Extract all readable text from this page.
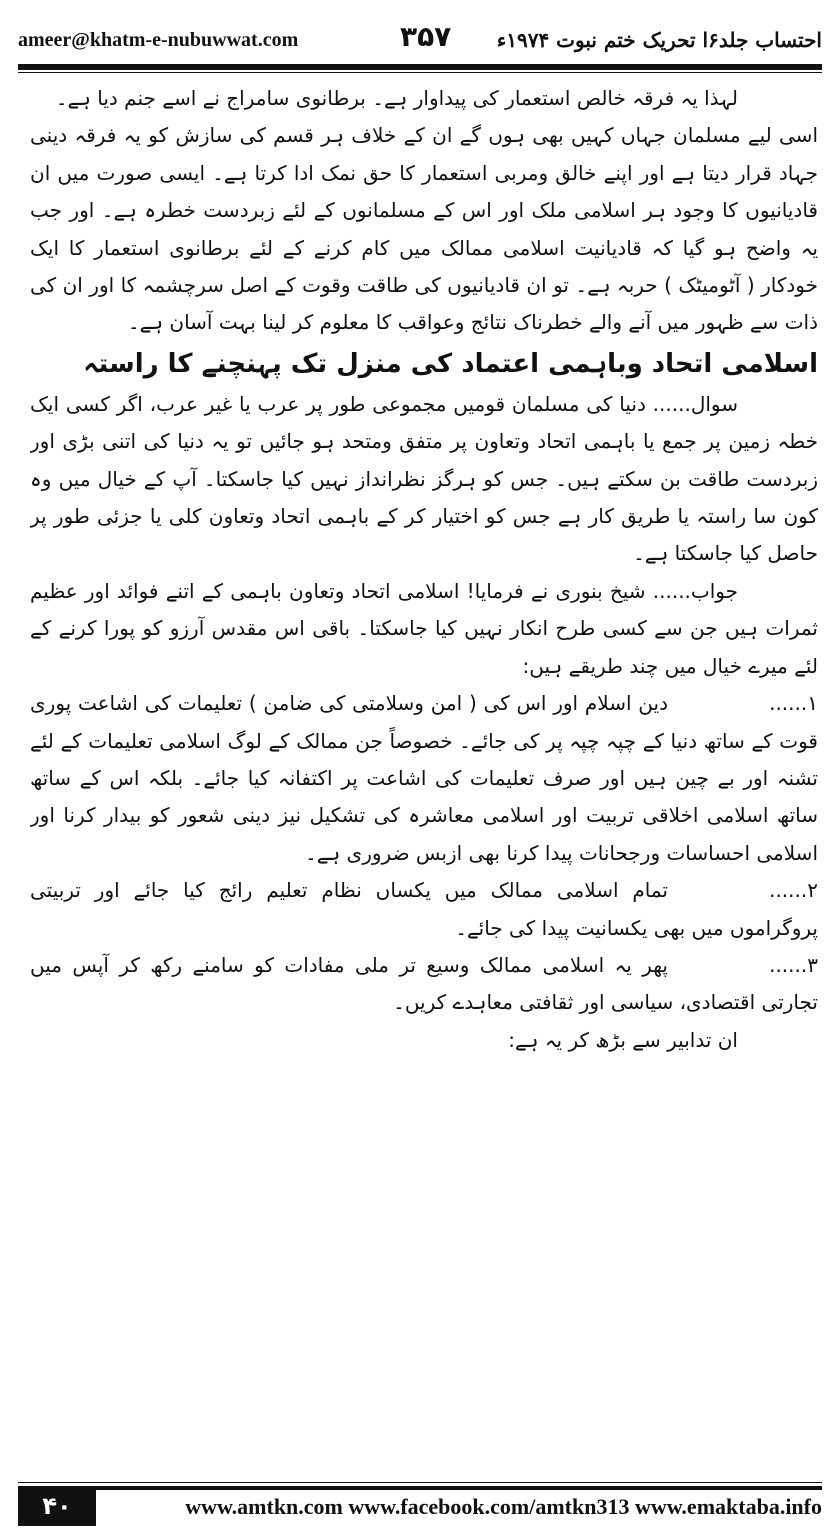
ameer@khatm-e-nubuwwat.com	۳۵۷ احتساب جلد۶ا تحریک ختم نبوت ۱۹۷۴ء

لہذا یہ فرقہ خالص استعمار کی پیداوار ہے۔ برطانوی سامراج نے اسے جنم دیا ہے۔

اسی لیے مسلمان جہاں کہیں بھی ہوں گے ان کے خلاف ہر قسم کی سازش کو یہ فرقہ دینی جہاد قرار دیتا ہے اور اپنے خالق ومربی استعمار کا حق نمک ادا کرتا ہے۔ ایسی صورت میں ان قادیانیوں کا وجود ہر اسلامی ملک اور اس کے مسلمانوں کے لئے زبردست خطرہ ہے۔ اور جب یہ واضح ہو گیا کہ قادیانیت اسلامی ممالک میں کام کرنے کے لئے برطانوی استعمار کا ایک خودکار ( آٹومیٹک ) حربہ ہے۔ تو ان قادیانیوں کی طاقت وقوت کے اصل سرچشمہ کا اور ان کی ذات سے ظہور میں آنے والے خطرناک نتائج وعواقب کا معلوم کر لینا بہت آسان ہے۔

اسلامی اتحاد وباہمی اعتماد کی منزل تک پہنچنے کا راستہ

سوال...... دنیا کی مسلمان قومیں مجموعی طور پر عرب یا غیر عرب، اگر کسی ایک خطہ زمین پر جمع یا باہمی اتحاد وتعاون پر متفق ومتحد ہو جائیں تو یہ دنیا کی اتنی بڑی اور زبردست طاقت بن سکتے ہیں۔ جس کو ہرگز نظرانداز نہیں کیا جاسکتا۔ آپ کے خیال میں وہ کون سا راستہ یا طریق کار ہے جس کو اختیار کر کے باہمی اتحاد وتعاون کلی یا جزئی طور پر حاصل کیا جاسکتا ہے۔

جواب...... شیخ بنوری نے فرمایا! اسلامی اتحاد وتعاون باہمی کے اتنے فوائد اور عظیم ثمرات ہیں جن سے کسی طرح انکار نہیں کیا جاسکتا۔ باقی اس مقدس آرزو کو پورا کرنے کے لئے میرے خیال میں چند طریقے ہیں:

۱......دین اسلام اور اس کی ( امن وسلامتی کی ضامن ) تعلیمات کی اشاعت پوری قوت کے ساتھ دنیا کے چپہ چپہ پر کی جائے۔ خصوصاً جن ممالک کے لوگ اسلامی تعلیمات کے لئے تشنہ اور بے چین ہیں اور صرف تعلیمات کی اشاعت پر اکتفانہ کیا جائے۔ بلکہ اس کے ساتھ ساتھ اسلامی اخلاقی تربیت اور اسلامی معاشرہ کی تشکیل نیز دینی شعور کو بیدار کرنا اور اسلامی احساسات ورجحانات پیدا کرنا بھی ازبس ضروری ہے۔

۲......تمام اسلامی ممالک میں یکساں نظام تعلیم رائج کیا جائے اور تربیتی پروگراموں میں بھی یکسانیت پیدا کی جائے۔

۳......پھر یہ اسلامی ممالک وسیع تر ملی مفادات کو سامنے رکھ کر آپس میں تجارتی اقتصادی، سیاسی اور ثقافتی معاہدے کریں۔

ان تدابیر سے بڑھ کر یہ ہے:

۴۰	www.amtkn.com www.facebook.com/amtkn313 www.emaktaba.info
